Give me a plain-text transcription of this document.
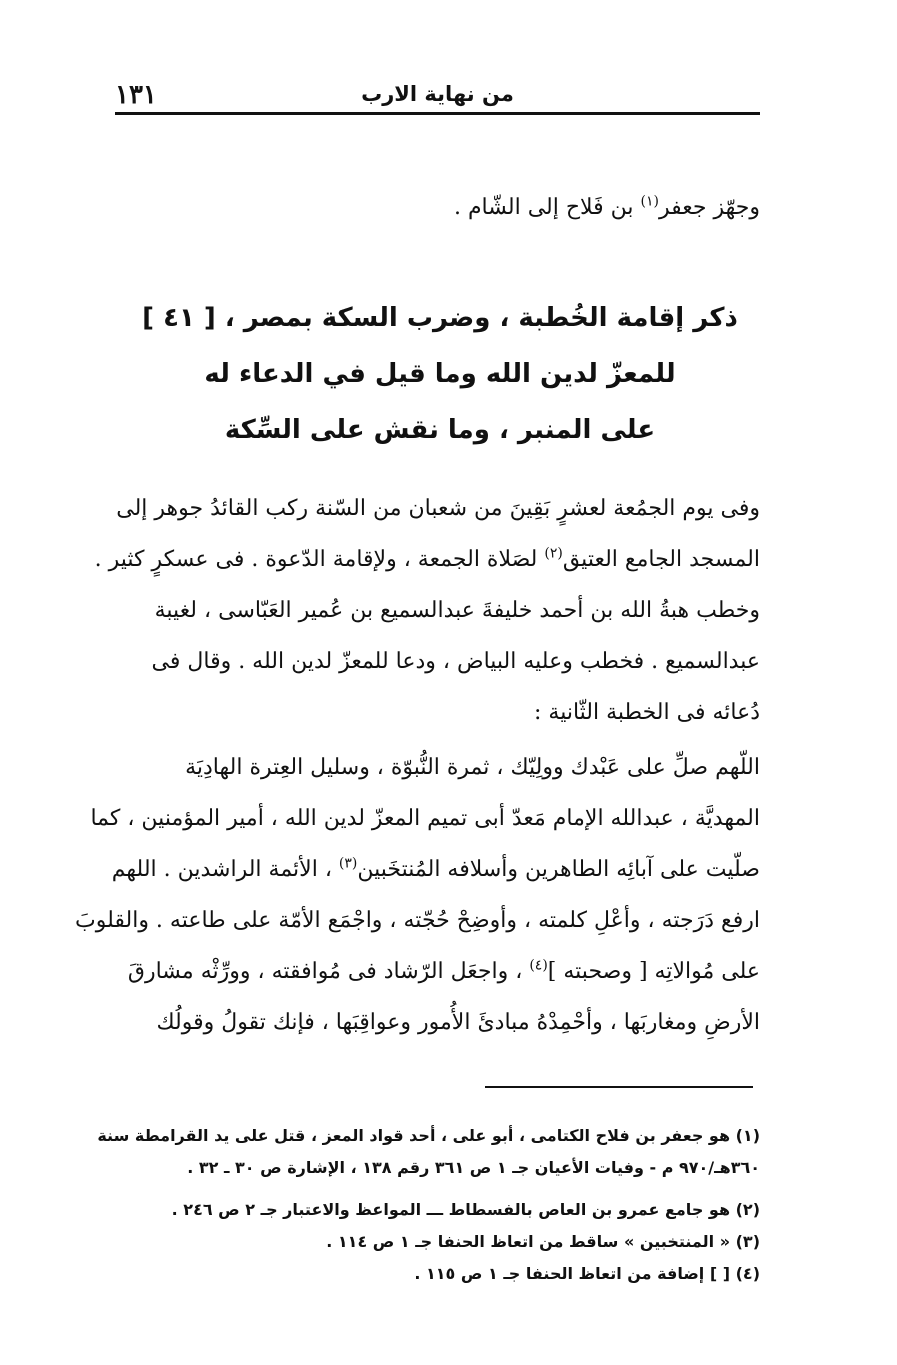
١٣١	من نهاية الارب
وجهّز جعفر$^{(١)}$ بن فَلاح إلى الشّام .
ذكر إقامة الخُطبة ، وضرب السكة بمصر ، [ ٤١ ]
للمعزّ لدين الله وما قيل في الدعاء له
على المنبر ، وما نقش على السِّكة
وفى يوم الجمُعة لعشرٍ بَقِينَ من شعبان من السّنة ركب القائدُ جوهر إلى
المسجد الجامع العتيق$^{(٢)}$ لصَلاة الجمعة ، ولإقامة الدّعوة . فى عسكرٍ كثير .
وخطب هبةُ الله بن أحمد خليفةَ عبدالسميع بن عُمير العَبّاسى ، لغيبة
عبدالسميع . فخطب وعليه البياض ، ودعا للمعزّ لدين الله . وقال فى
دُعائه فى الخطبة الثّانية :
اللّهم صلِّ على عَبْدك وولِيّك ، ثمرة النُّبوّة ، وسليل العِترة الهادِيَة
المهديَّة ، عبدالله الإمام مَعدّ أبى تميم المعزّ لدين الله ، أمير المؤمنين ، كما
صلّيت على آبائِه الطاهرين وأسلافه المُنتخَبين$^{(٣)}$ ، الأئمة الراشدين . اللهم
ارفع دَرَجته ، وأعْلِ كلمته ، وأوضِحْ حُجّته ، واجْمَع الأمّة على طاعته . والقلوبَ
على مُوالاتِه [ وصحبته ]$^{(٤)}$ ، واجعَل الرّشاد فى مُوافقته ، وورِّثْه مشارقَ
الأرضِ ومغاربَها ، وأحْمِدْهُ مبادئَ الأُمور وعواقِبَها ، فإنك تقولُ وقولُك
(١) هو جعفر بن فلاح الكتامى ، أبو على ، أحد قواد المعز ، قتل على يد القرامطة سنة
٣٦٠هـ/٩٧٠ م - وفيات الأعيان جـ ١ ص ٣٦١ رقم ١٣٨ ، الإشارة ص ٣٠ ـ ٣٢ .
(٢) هو جامع عمرو بن العاص بالفسطاط ـــ المواعظ والاعتبار جـ ٢ ص ٢٤٦ .
(٣) « المنتخبين » ساقط من اتعاظ الحنفا جـ ١ ص ١١٤ .
(٤) [ ] إضافة من اتعاظ الحنفا جـ ١ ص ١١٥ .
